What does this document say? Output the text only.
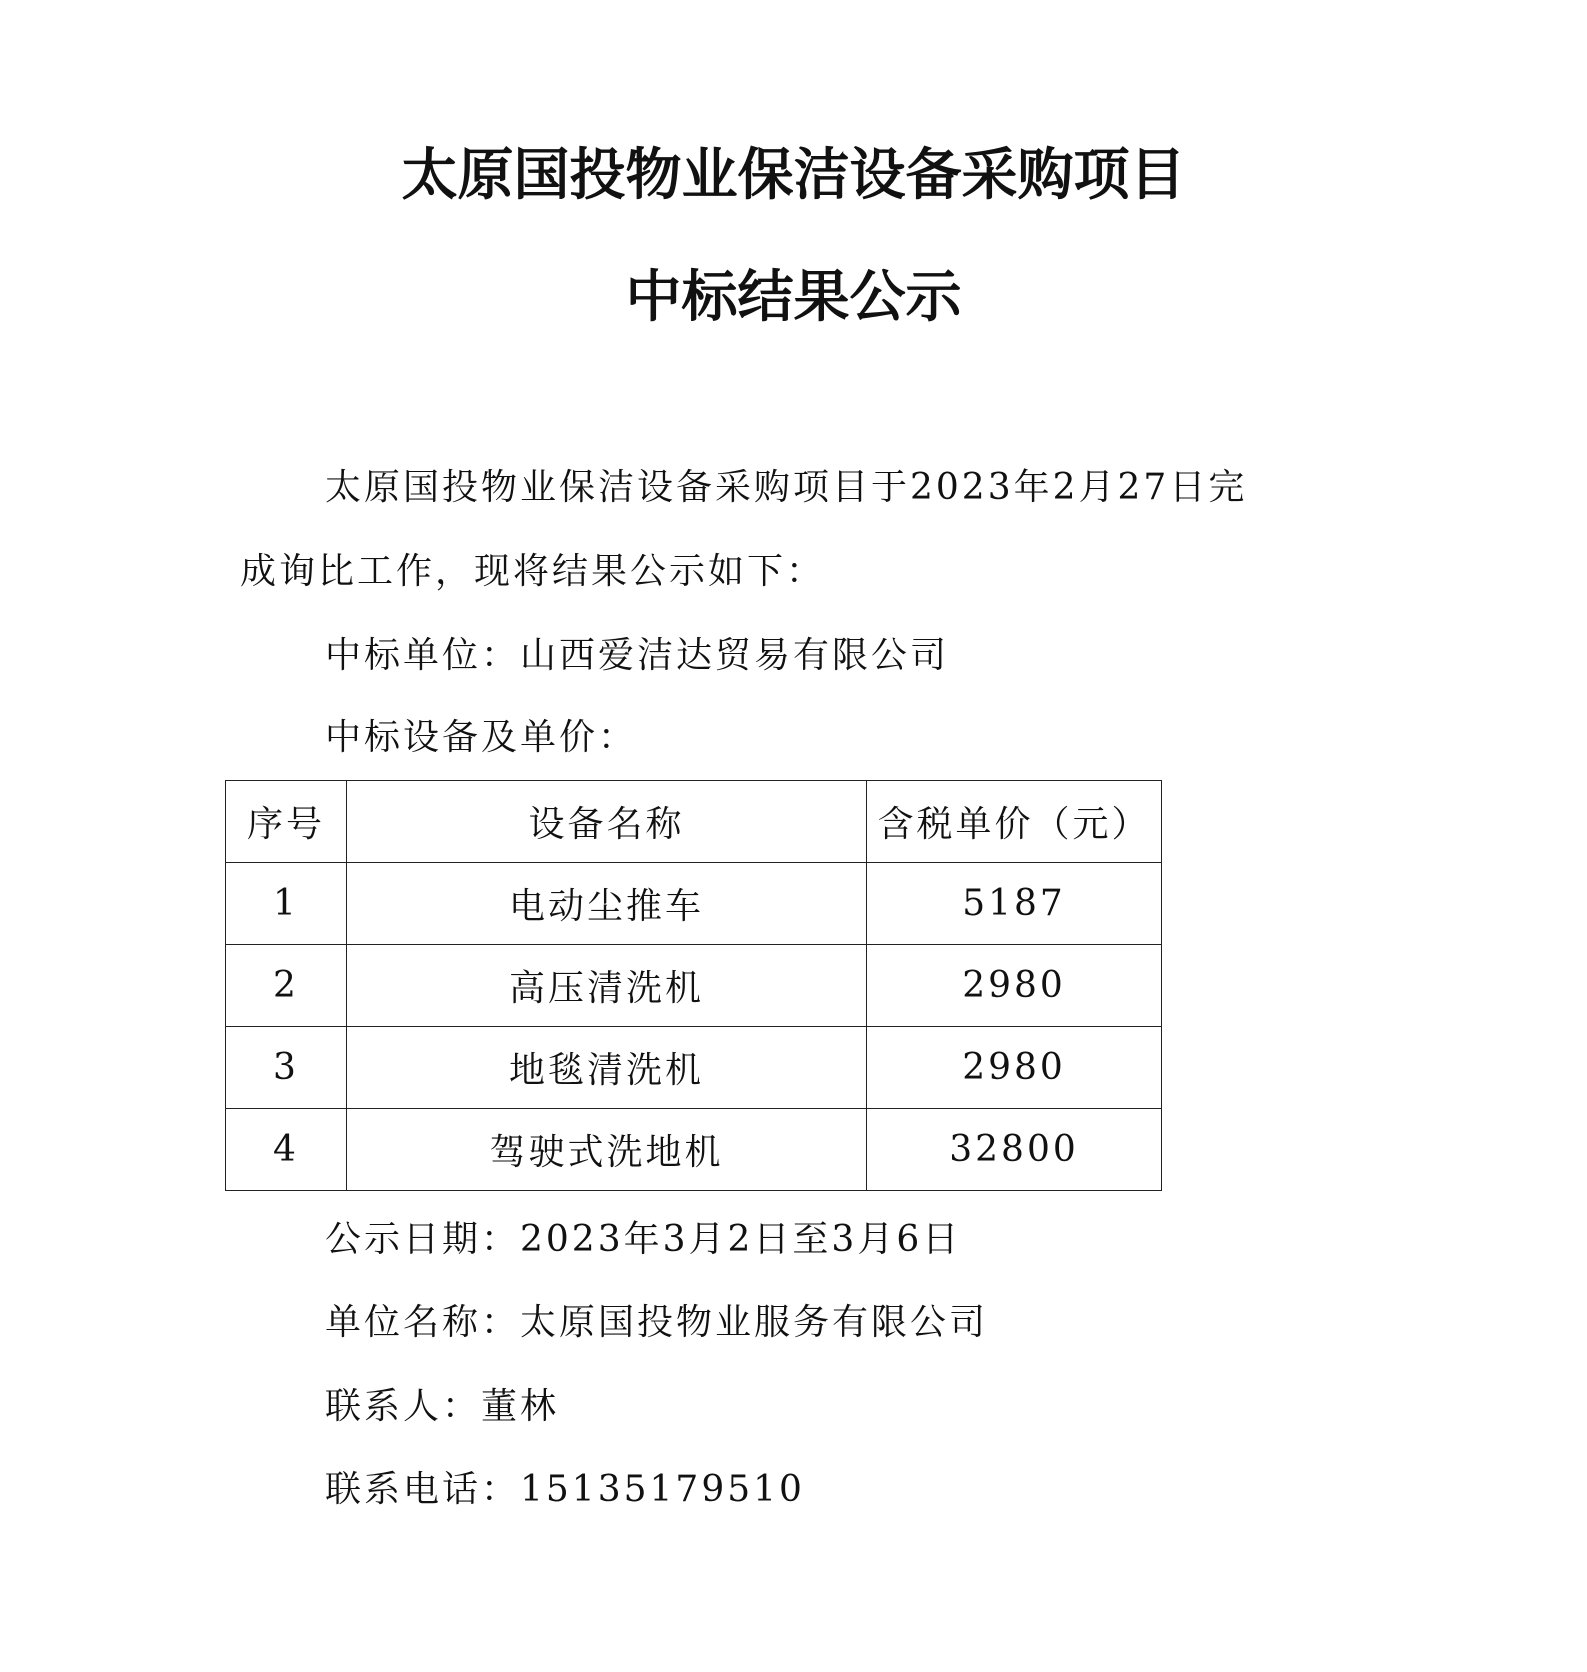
太原国投物业保洁设备采购项目
中标结果公示

太原国投物业保洁设备采购项目于2023年2月27日完

成询比工作，现将结果公示如下：

中标单位：山西爱洁达贸易有限公司

中标设备及单价：

序号	设备名称	含税单价（元）
1	电动尘推车	5187
2	高压清洗机	2980
3	地毯清洗机	2980
4	驾驶式洗地机	32800

公示日期：2023年3月2日至3月6日

单位名称：太原国投物业服务有限公司

联系人：董林

联系电话：15135179510
